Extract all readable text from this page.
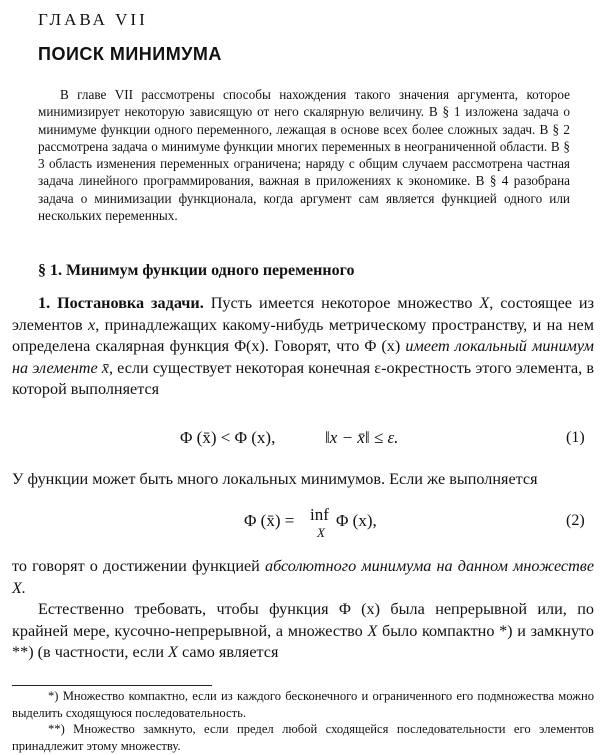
ГЛАВА VII
ПОИСК МИНИМУМА

В главе VII рассмотрены способы нахождения такого значения аргумента, которое минимизирует некоторую зависящую от него скалярную величину. В § 1 изложена задача о минимуме функции одного переменного, лежащая в основе всех более сложных задач. В § 2 рассмотрена задача о минимуме функции многих переменных в неограниченной области. В § 3 область изменения переменных ограничена; наряду с общим случаем рассмотрена частная задача линейного программирования, важная в приложениях к экономике. В § 4 разобрана задача о минимизации функционала, когда аргумент сам является функцией одного или нескольких переменных.

§ 1. Минимум функции одного переменного

1. Постановка задачи. Пусть имеется некоторое множество X, состоящее из элементов x, принадлежащих какому-нибудь метрическому пространству, и на нем определена скалярная функция Φ(x). Говорят, что Φ (x) имеет локальный минимум на элементе x̄, если существует некоторая конечная ε-окрестность этого элемента, в которой выполняется

Φ (x̄) < Φ (x),	‖x − x̄‖ ≤ ε.	(1)

У функции может быть много локальных минимумов. Если же выполняется

Φ (x̄) = inf
X
Φ (x),	(2)

то говорят о достижении функцией абсолютного минимума на данном множестве X.

Естественно требовать, чтобы функция Φ (x) была непрерывной или, по крайней мере, кусочно-непрерывной, а множество X было компактно *) и замкнуто **) (в частности, если X само является

*) Множество компактно, если из каждого бесконечного и ограниченного его подмножества можно выделить сходящуюся последовательность.

**) Множество замкнуто, если предел любой сходящейся последовательности его элементов принадлежит этому множеству.
